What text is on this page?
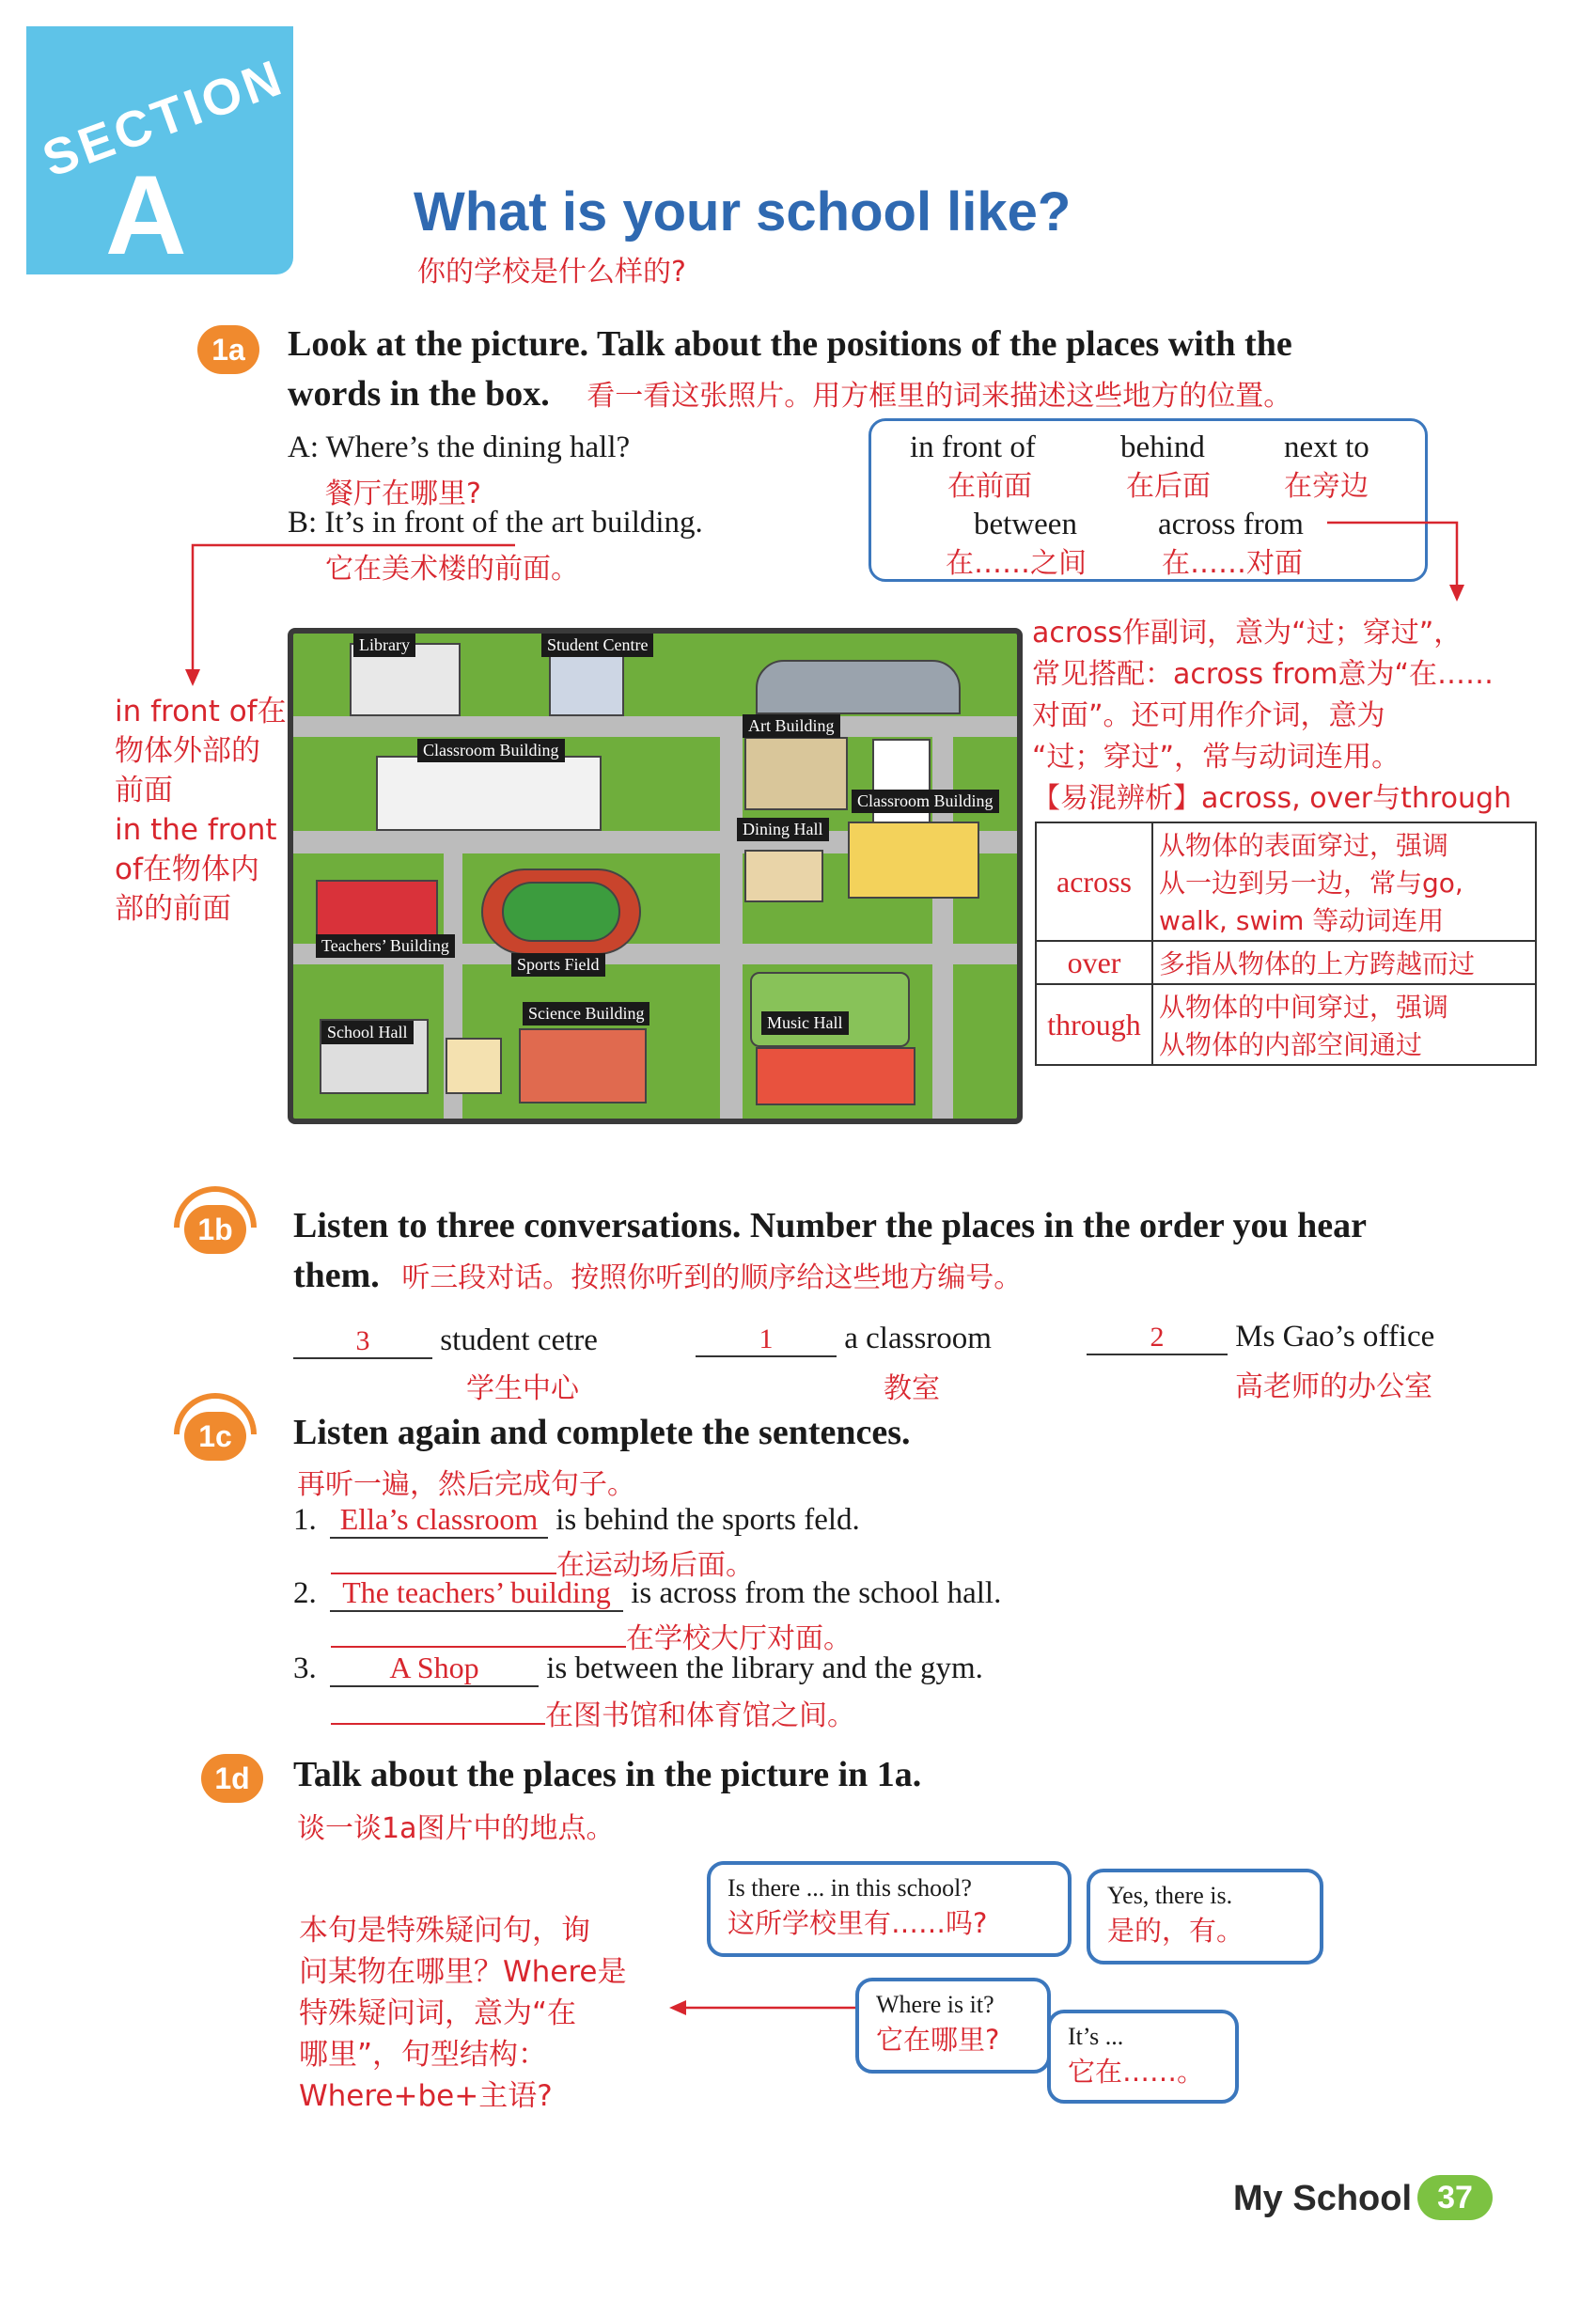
SECTION
A	What is your school like?
你的学校是什么样的?
1a	Look at the picture. Talk about the positions of the places with the
words in the box. 看一看这张照片。用方框里的词来描述这些地方的位置。
A: Where’s the dining hall?
餐厅在哪里?
B: It’s in front of the art building.
它在美术楼的前面。
in front of
在前面
behind
在后面
next to
在旁边
between
在……之间
across from
在……对面
in front of在
物体外部的
前面
in the front
of在物体内
部的前面
Library	Student Centre
Classroom Building
Art Building
Classroom Building
Dining Hall
Teachers’ Building
Sports Field
School Hall
Science Building	Music Hall
across作副词，意为“过；穿过”，
常见搭配：across from意为“在……
对面”。还可用作介词，意为
“过；穿过”，常与动词连用。
【易混辨析】across, over与through
across	从物体的表面穿过，强调
从一边到另一边，常与go,
walk, swim 等动词连用

over	多指从物体的上方跨越而过

through	从物体的中间穿过，强调
从物体的内部空间通过
1b	Listen to three conversations. Number the places in the order you hear
them. 听三段对话。按照你听到的顺序给这些地方编号。
3 student cetre
学生中心
1 a classroom
教室
2 Ms Gao’s office
高老师的办公室
1c	Listen again and complete the sentences.
再听一遍，然后完成句子。
1. Ella’s classroom is behind the sports feld.
在运动场后面。
2. The teachers’ building is across from the school hall.
在学校大厅对面。
3. A Shop is between the library and the gym.
在图书馆和体育馆之间。
1d	Talk about the places in the picture in 1a.
谈一谈1a图片中的地点。
本句是特殊疑问句，询
问某物在哪里？Where是
特殊疑问词，意为“在
哪里”，句型结构：
Where+be+主语?
Is there ... in this school?
这所学校里有……吗?
Yes, there is.
是的，有。
Where is it?
它在哪里?	It’s ...
它在……。
My School 37
